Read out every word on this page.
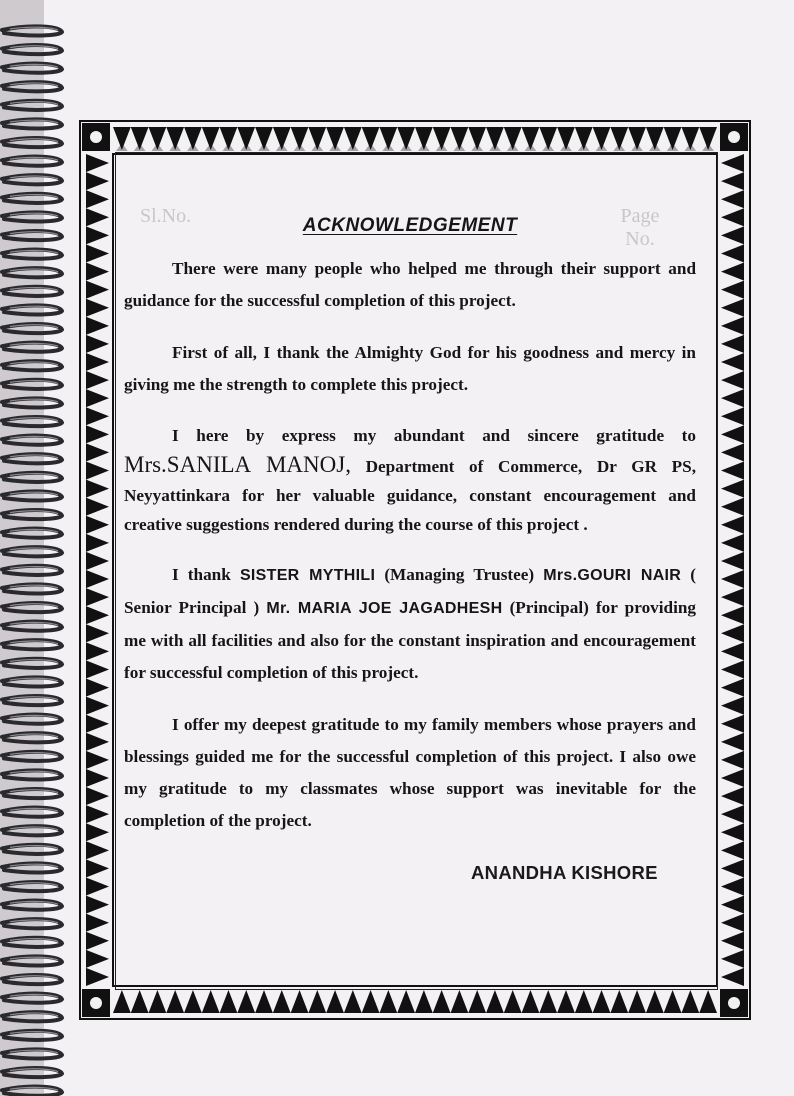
Sl.No.	Page No.
ACKNOWLEDGEMENT

There were many people who helped me through their support and guidance for the successful completion of this project.

First of all, I thank the Almighty God for his goodness and mercy in giving me the strength to complete this project.

I here by express my abundant and sincere gratitude to Mrs.SANILA MANOJ, Department of Commerce, Dr GR PS, Neyyattinkara for her valuable guidance, constant encouragement and creative suggestions rendered during the course of this project .

I thank SISTER MYTHILI (Managing Trustee) Mrs.GOURI NAIR ( Senior Principal ) Mr. MARIA JOE JAGADHESH (Principal) for providing me with all facilities and also for the constant inspiration and encouragement for successful completion of this project.

I offer my deepest gratitude to my family members whose prayers and blessings guided me for the successful completion of this project. I also owe my gratitude to my classmates whose support was inevitable for the completion of the project.

ANANDHA KISHORE
